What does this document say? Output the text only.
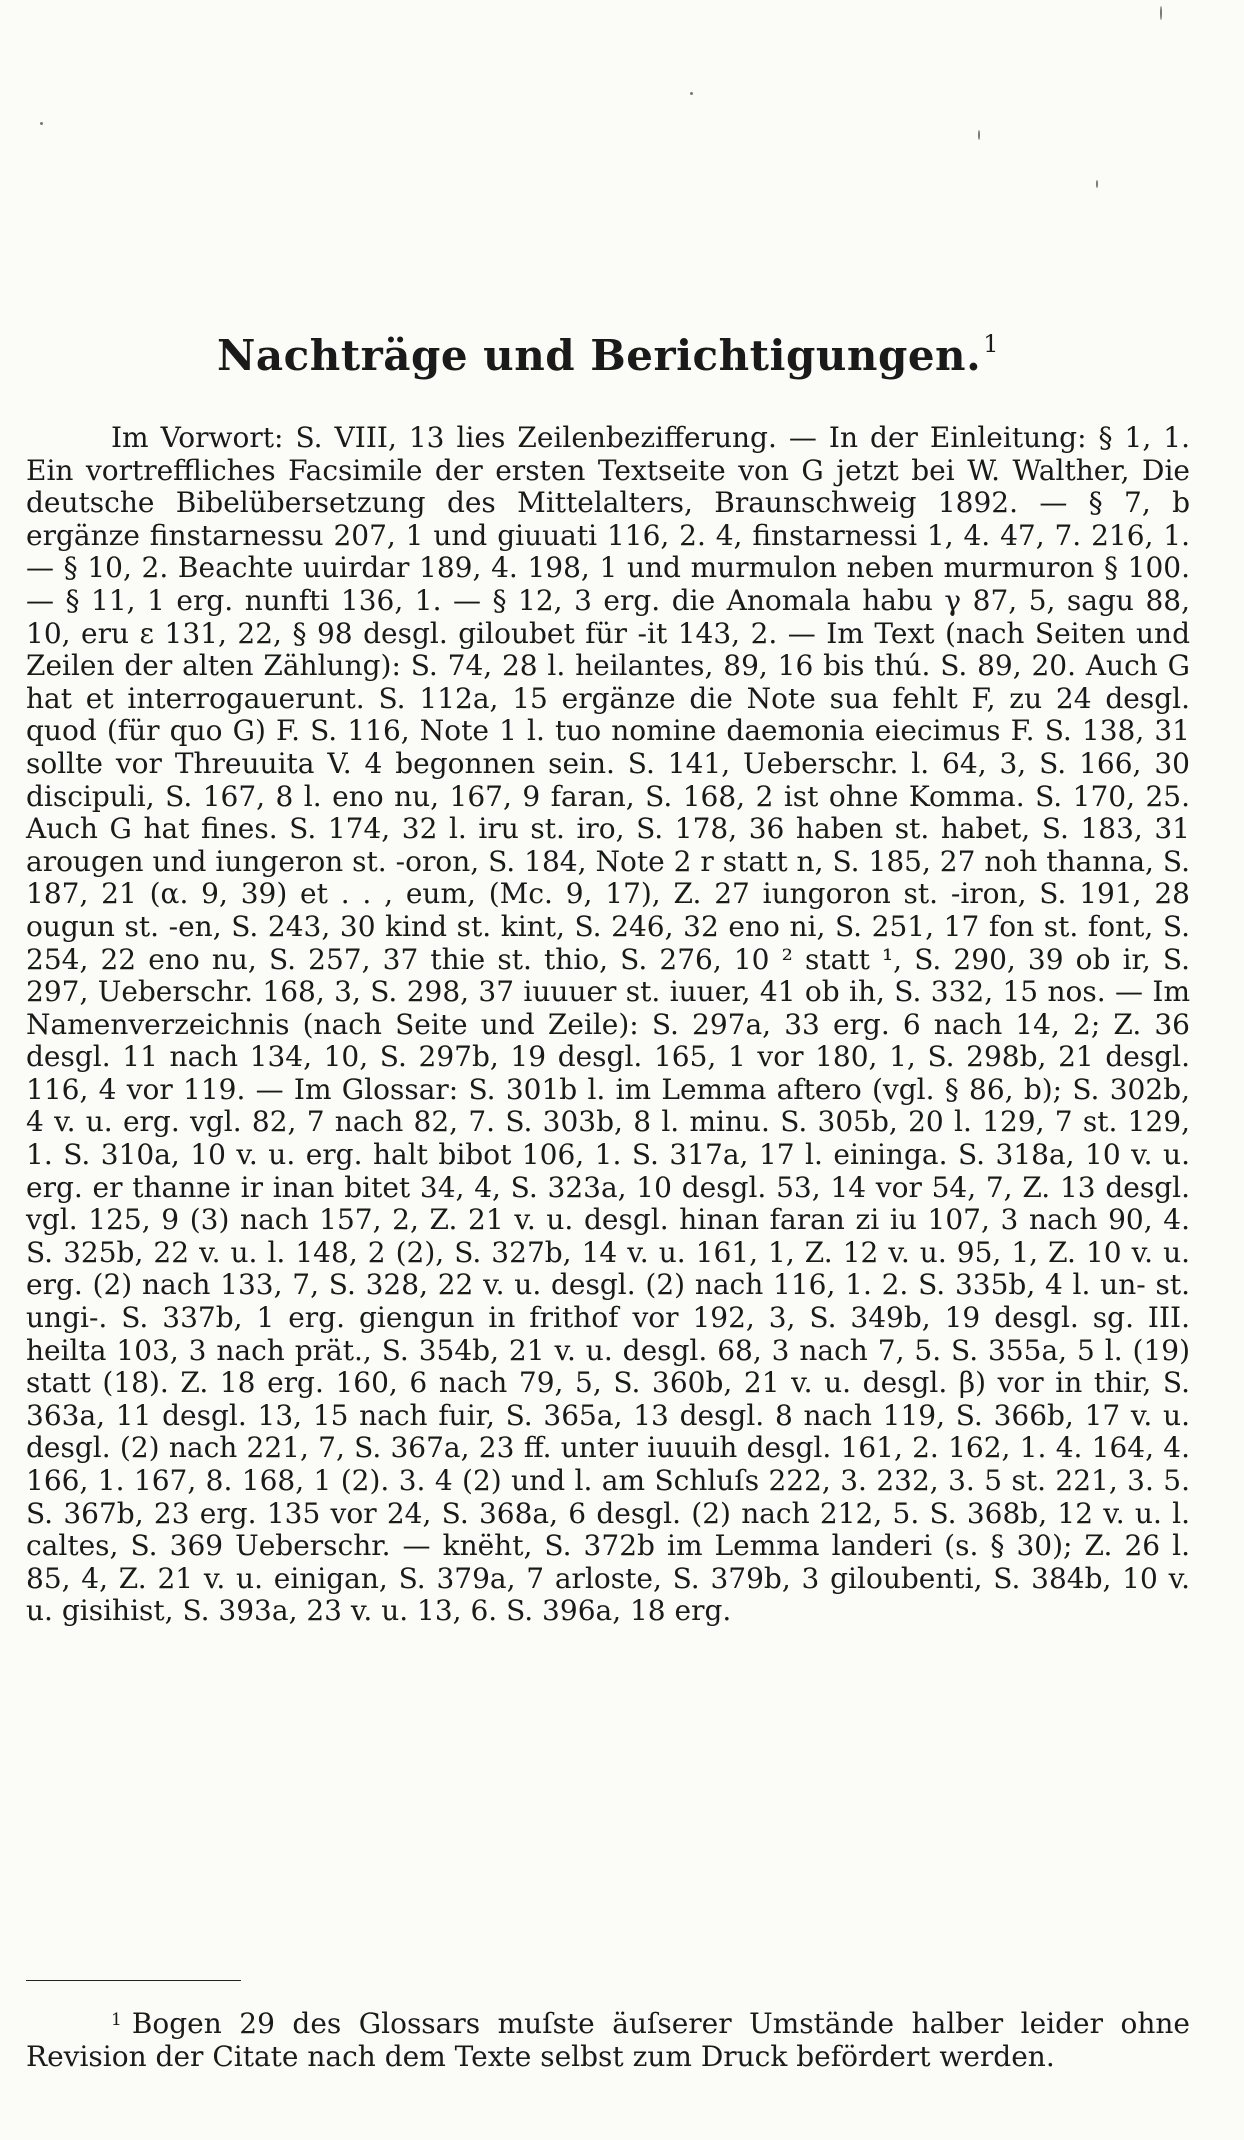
Nachträge und Berichtigungen.$^1$

Im Vorwort: S. VIII, 13 lies Zeilenbezifferung. — In der Einleitung: § 1, 1. Ein vortreffliches Facsimile der ersten Textseite von G jetzt bei W. Walther, Die deutsche Bibelübersetzung des Mittelalters, Braunschweig 1892. — § 7, b ergänze finstarnessu 207, 1 und giuuati 116, 2. 4, finstarnessi 1, 4. 47, 7. 216, 1. — § 10, 2. Beachte uuirdar 189, 4. 198, 1 und murmulon neben murmuron § 100. — § 11, 1 erg. nunfti 136, 1. — § 12, 3 erg. die Anomala habu γ 87, 5, sagu 88, 10, eru ε 131, 22, § 98 desgl. giloubet für -it 143, 2. — Im Text (nach Seiten und Zeilen der alten Zählung): S. 74, 28 l. heilantes, 89, 16 bis thú. S. 89, 20. Auch G hat et interrogauerunt. S. 112a, 15 ergänze die Note sua fehlt F, zu 24 desgl. quod (für quo G) F. S. 116, Note 1 l. tuo nomine daemonia eiecimus F. S. 138, 31 sollte vor Threuuita V. 4 begonnen sein. S. 141, Ueberschr. l. 64, 3, S. 166, 30 discipuli, S. 167, 8 l. eno nu, 167, 9 faran, S. 168, 2 ist ohne Komma. S. 170, 25. Auch G hat fines. S. 174, 32 l. iru st. iro, S. 178, 36 haben st. habet, S. 183, 31 arougen und iungeron st. -oron, S. 184, Note 2 r statt n, S. 185, 27 noh thanna, S. 187, 21 (α. 9, 39) et . . , eum, (Mc. 9, 17), Z. 27 iungoron st. -iron, S. 191, 28 ougun st. -en, S. 243, 30 kind st. kint, S. 246, 32 eno ni, S. 251, 17 fon st. font, S. 254, 22 eno nu, S. 257, 37 thie st. thio, S. 276, 10 ² statt ¹, S. 290, 39 ob ir, S. 297, Ueberschr. 168, 3, S. 298, 37 iuuuer st. iuuer, 41 ob ih, S. 332, 15 nos. — Im Namenverzeichnis (nach Seite und Zeile): S. 297a, 33 erg. 6 nach 14, 2; Z. 36 desgl. 11 nach 134, 10, S. 297b, 19 desgl. 165, 1 vor 180, 1, S. 298b, 21 desgl. 116, 4 vor 119. — Im Glossar: S. 301b l. im Lemma aftero (vgl. § 86, b); S. 302b, 4 v. u. erg. vgl. 82, 7 nach 82, 7. S. 303b, 8 l. minu. S. 305b, 20 l. 129, 7 st. 129, 1. S. 310a, 10 v. u. erg. halt bibot 106, 1. S. 317a, 17 l. eininga. S. 318a, 10 v. u. erg. er thanne ir inan bitet 34, 4, S. 323a, 10 desgl. 53, 14 vor 54, 7, Z. 13 desgl. vgl. 125, 9 (3) nach 157, 2, Z. 21 v. u. desgl. hinan faran zi iu 107, 3 nach 90, 4. S. 325b, 22 v. u. l. 148, 2 (2), S. 327b, 14 v. u. 161, 1, Z. 12 v. u. 95, 1, Z. 10 v. u. erg. (2) nach 133, 7, S. 328, 22 v. u. desgl. (2) nach 116, 1. 2. S. 335b, 4 l. un- st. ungi-. S. 337b, 1 erg. giengun in frithof vor 192, 3, S. 349b, 19 desgl. sg. III. heilta 103, 3 nach prät., S. 354b, 21 v. u. desgl. 68, 3 nach 7, 5. S. 355a, 5 l. (19) statt (18). Z. 18 erg. 160, 6 nach 79, 5, S. 360b, 21 v. u. desgl. β) vor in thir, S. 363a, 11 desgl. 13, 15 nach fuir, S. 365a, 13 desgl. 8 nach 119, S. 366b, 17 v. u. desgl. (2) nach 221, 7, S. 367a, 23 ff. unter iuuuih desgl. 161, 2. 162, 1. 4. 164, 4. 166, 1. 167, 8. 168, 1 (2). 3. 4 (2) und l. am Schluſs 222, 3. 232, 3. 5 st. 221, 3. 5. S. 367b, 23 erg. 135 vor 24, S. 368a, 6 desgl. (2) nach 212, 5. S. 368b, 12 v. u. l. caltes, S. 369 Ueberschr. — knëht, S. 372b im Lemma landeri (s. § 30); Z. 26 l. 85, 4, Z. 21 v. u. einigan, S. 379a, 7 arloste, S. 379b, 3 giloubenti, S. 384b, 10 v. u. gisihist, S. 393a, 23 v. u. 13, 6. S. 396a, 18 erg.

$^1$ Bogen 29 des Glossars muſste äuſserer Umstände halber leider ohne Revision der Citate nach dem Texte selbst zum Druck befördert werden.
